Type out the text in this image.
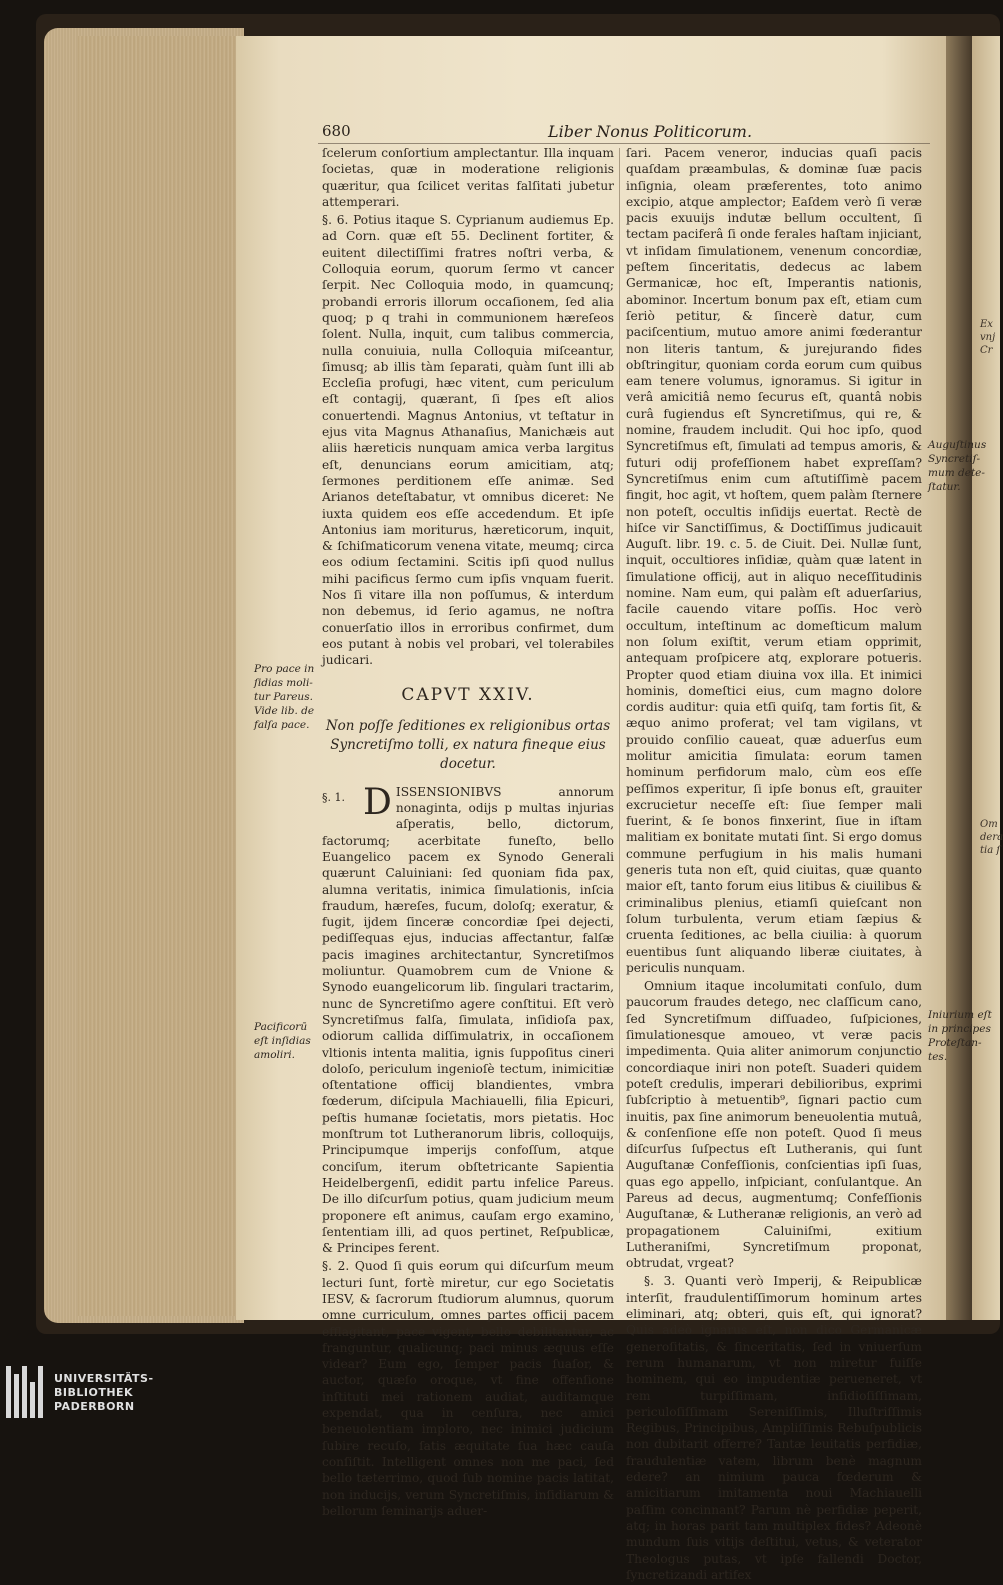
Ex
vnj
Cr
Om
dera
tia ſ
680	Liber Nonus Politicorum.

ſcelerum conſortium amplectantur. Illa inquam ſocietas, quæ in moderatione religionis quæritur, qua ſcilicet veritas falſitati jubetur attemperari.

§. 6. Potius itaque S. Cyprianum audiemus Ep. ad Corn. quæ eſt 55. Declinent fortiter, & euitent dilectiſſimi fratres noſtri verba, & Colloquia eorum, quorum ſermo vt cancer ſerpit. Nec Colloquia modo, in quamcunq; probandi erroris illorum occaſionem, ſed alia quoq; p q trahi in communionem hæreſeos ſolent. Nulla, inquit, cum talibus commercia, nulla conuiuia, nulla Colloquia miſceantur, ſimusq; ab illis tàm ſeparati, quàm ſunt illi ab Eccleſia profugi, hæc vitent, cum periculum eſt contagij, quærant, ſi ſpes eſt alios conuertendi. Magnus Antonius, vt teſtatur in ejus vita Magnus Athanaſius, Manichæis aut aliis hæreticis nunquam amica verba largitus eſt, denuncians eorum amicitiam, atq; ſermones perditionem eſſe animæ. Sed Arianos deteſtabatur, vt omnibus diceret: Ne iuxta quidem eos eſſe accedendum. Et ipſe Antonius iam moriturus, hæreticorum, inquit, & ſchiſmaticorum venena vitate, meumq; circa eos odium ſectamini. Scitis ipſi quod nullus mihi pacificus ſermo cum ipſis vnquam fuerit. Nos ſi vitare illa non poſſumus, & interdum non debemus, id ſerio agamus, ne noſtra conuerſatio illos in erroribus confirmet, dum eos putant à nobis vel probari, vel tolerabiles judicari.

CAPVT XXIV.
Non poſſe ſeditiones ex religionibus ortas Syncretiſmo tolli, ex natura fineque eius docetur.

§. 1. D ISSENSIONIBVS annorum nonaginta, odijs p multas injurias aſperatis, bello, dictorum, factorumq; acerbitate funeſto, bello Euangelico pacem ex Synodo Generali quærunt Caluiniani: ſed quoniam fida pax, alumna veritatis, inimica ſimulationis, inſcia fraudum, hæreſes, fucum, doloſq; exeratur, & fugit, ijdem ſinceræ concordiæ ſpei dejecti, pediſſequas ejus, inducias affectantur, falſæ pacis imagines architectantur, Syncretiſmos moliuntur. Quamobrem cum de Vnione & Synodo euangelicorum lib. ſingulari tractarim, nunc de Syncretiſmo agere conſtitui. Eſt verò Syncretiſmus falſa, ſimulata, inſidioſa pax, odiorum callida diſſimulatrix, in occaſionem vltionis intenta malitia, ignis ſuppoſitus cineri doloſo, periculum ingenioſè tectum, inimicitiæ oſtentatione officij blandientes, vmbra fœderum, diſcipula Machiauelli, filia Epicuri, peſtis humanæ ſocietatis, mors pietatis. Hoc monſtrum tot Lutheranorum libris, colloquijs, Principumque imperijs confoſſum, atque conciſum, iterum obſtetricante Sapientia Heidelbergenſi, edidit partu infelice Pareus. De illo diſcurſum potius, quam judicium meum proponere eſt animus, cauſam ergo examino, ſententiam illi, ad quos pertinet, Reſpublicæ, & Principes ferent.

§. 2. Quod ſi quis eorum qui diſcurſum meum lecturi ſunt, fortè miretur, cur ego Societatis IESV, & ſacrorum ſtudiorum alumnus, quorum omne curriculum, omnes partes officij pacem efflagitant, pace vigent, bello debilitantur, ac franguntur, qualicunq; paci minus æquus eſſe videar? Eum ego, ſemper pacis ſuaſor, & auctor, quæſo oroque, vt fine offenſione inſtituti mei rationem audiat, auditamque expendat, qua in cenſura, nec amici beneuolentiam imploro, nec inimici judicium ſubire recuſo, ſatis æquitate ſua hæc cauſa conſiſtit. Intelligent omnes non me paci, ſed bello tæterrimo, quod ſub nomine pacis latitat, non inducijs, verum Syncretiſmis, inſidiarum & bellorum ſeminarijs aduer-

ſari. Pacem veneror, inducias quaſi pacis quaſdam præambulas, & dominæ ſuæ pacis inſignia, oleam præferentes, toto animo excipio, atque amplector; Eaſdem verò ſi veræ pacis exuuijs indutæ bellum occultent, ſi tectam paciferâ ſi onde ferales haſtam injiciant, vt inſidam ſimulationem, venenum concordiæ, peſtem ſinceritatis, dedecus ac labem Germanicæ, hoc eſt, Imperantis nationis, abominor. Incertum bonum pax eſt, etiam cum ſeriò petitur, & ſincerè datur, cum paciſcentium, mutuo amore animi fœderantur non literis tantum, & jurejurando fides obſtringitur, quoniam corda eorum cum quibus eam tenere volumus, ignoramus. Si igitur in verâ amicitiâ nemo ſecurus eſt, quantâ nobis curâ fugiendus eſt Syncretiſmus, qui re, & nomine, fraudem includit. Qui hoc ipſo, quod Syncretiſmus eſt, ſimulati ad tempus amoris, & futuri odij profeſſionem habet expreſſam? Syncretiſmus enim cum aſtutiſſimè pacem fingit, hoc agit, vt hoſtem, quem palàm ſternere non poteſt, occultis inſidijs euertat. Rectè de hiſce vir Sanctiſſimus, & Doctiſſimus judicauit Auguſt. libr. 19. c. 5. de Ciuit. Dei. Nullæ ſunt, inquit, occultiores inſidiæ, quàm quæ latent in ſimulatione officij, aut in aliquo neceſſitudinis nomine. Nam eum, qui palàm eſt aduerſarius, facile cauendo vitare poſſis. Hoc verò occultum, inteſtinum ac domeſticum malum non ſolum exiſtit, verum etiam opprimit, antequam proſpicere atq, explorare potueris. Propter quod etiam diuina vox illa. Et inimici hominis, domeſtici eius, cum magno dolore cordis auditur: quia etſi quiſq, tam fortis ſit, & æquo animo proferat; vel tam vigilans, vt prouido conſilio caueat, quæ aduerſus eum molitur amicitia ſimulata: eorum tamen hominum perfidorum malo, cùm eos eſſe peſſimos experitur, ſi ipſe bonus eſt, grauiter excrucietur neceſſe eſt: ſiue ſemper mali fuerint, & ſe bonos finxerint, ſiue in iſtam malitiam ex bonitate mutati ſint. Si ergo domus commune perfugium in his malis humani generis tuta non eſt, quid ciuitas, quæ quanto maior eſt, tanto forum eius litibus & ciuilibus & criminalibus plenius, etiamſi quieſcant non ſolum turbulenta, verum etiam ſæpius & cruenta ſeditiones, ac bella ciuilia: à quorum euentibus ſunt aliquando liberæ ciuitates, à periculis nunquam.

Omnium itaque incolumitati conſulo, dum paucorum fraudes detego, nec claſſicum cano, ſed Syncretiſmum diſſuadeo, ſuſpiciones, ſimulationesque amoueo, vt veræ pacis impedimenta. Quia aliter animorum conjunctio concordiaque iniri non poteſt. Suaderi quidem poteſt credulis, imperari debilioribus, exprimi ſubſcriptio à metuentib⁹, ſignari pactio cum inuitis, pax ſine animorum beneuolentia mutuâ, & conſenſione eſſe non poteſt. Quod ſi meus diſcurſus ſuſpectus eſt Lutheranis, qui ſunt Auguſtanæ Confeſſionis, conſcientias ipſi ſuas, quas ego appello, inſpiciant, conſulantque. An Pareus ad decus, augmentumq; Confeſſionis Auguſtanæ, & Lutheranæ religionis, an verò ad propagationem Caluiniſmi, exitium Lutheraniſmi, Syncretiſmum proponat, obtrudat, vrgeat?

§. 3. Quanti verò Imperij, & Reipublicæ interſit, fraudulentiſſimorum hominum artes eliminari, atq; obteri, quis eſt, qui ignorat? Quis adeò ignarus eſt, non dico Germanicæ generoſitatis, & ſinceritatis, ſed in vniuerſum rerum humanarum, vt non miretur fuiſſe hominem, qui eo impudentiæ perueneret, vt rem turpiſſimam, inſidioſiſſimam, periculoſiſſimam Sereniſſimis, Illuſtriſſimis Regibus, Principibus, Ampliſſimis Rebuſpublicis non dubitarit offerre? Tantæ leuitatis perfidiæ, fraudulentiæ vatem, librum benè magnum edere? an nimium pauca fœderum & amicitiarum imitamenta noui Machiauelli paſſim concinnant? Parum nè perfidiæ peperit, atq; in horas parit tam multiplex fides? Adeonè mundum ſuis vitijs deſtitui, vetus, & veterator Theologus putas, vt ipſe fallendi Doctor, ſyncretizandi artifex

Pro pace in
ſidias moli-
tur Pareus.
Vide lib. de
falſa pace.
Pacificorū
eſt inſidias
amoliri.
Auguſtinus
Syncretiſ-
mum dete-
ſtatur.
Iniurium eſt
in principes
Proteſtan-
tes.
UNIVERSITÄTS-
BIBLIOTHEK
PADERBORN
